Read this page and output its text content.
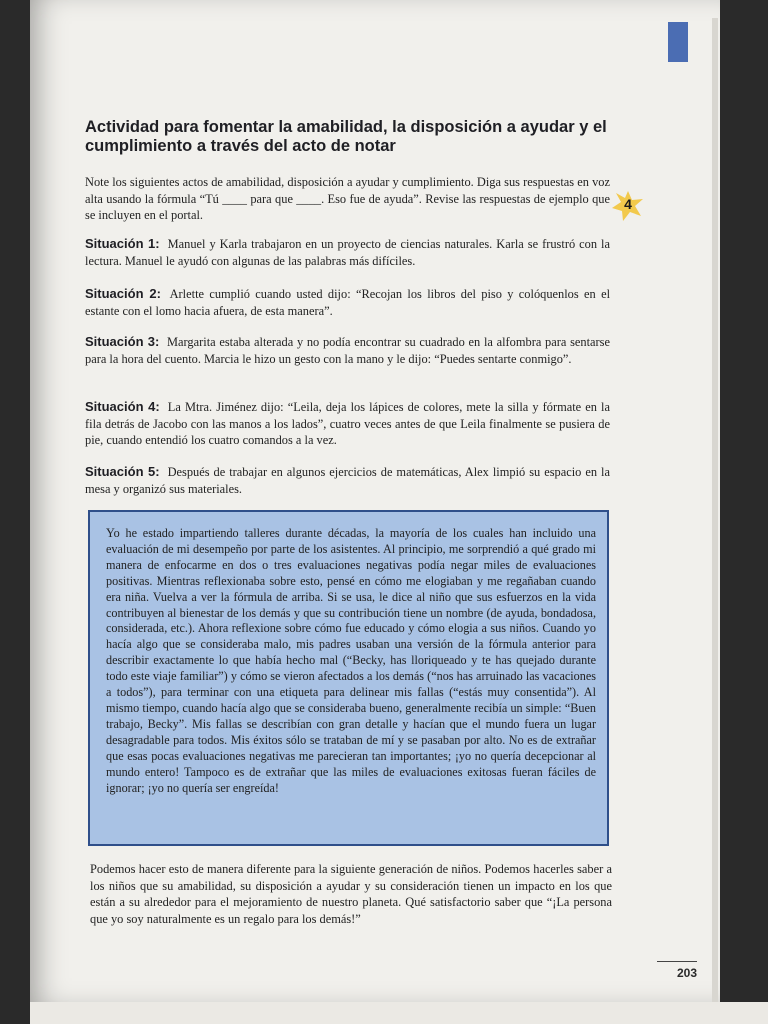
4
Actividad para fomentar la amabilidad, la disposición a ayudar y el cumplimiento a través del acto de notar

Note los siguientes actos de amabilidad, disposición a ayudar y cumplimiento. Diga sus respuestas en voz alta usando la fórmula “Tú ____ para que ____. Eso fue de ayuda”. Revise las respuestas de ejemplo que se incluyen en el portal.

Situación 1: Manuel y Karla trabajaron en un proyecto de ciencias naturales. Karla se frustró con la lectura. Manuel le ayudó con algunas de las palabras más difíciles.

Situación 2: Arlette cumplió cuando usted dijo: “Recojan los libros del piso y colóquenlos en el estante con el lomo hacia afuera, de esta manera”.

Situación 3: Margarita estaba alterada y no podía encontrar su cuadrado en la alfombra para sentarse para la hora del cuento. Marcia le hizo un gesto con la mano y le dijo: “Puedes sentarte conmigo”.

Situación 4: La Mtra. Jiménez dijo: “Leila, deja los lápices de colores, mete la silla y fórmate en la fila detrás de Jacobo con las manos a los lados”, cuatro veces antes de que Leila finalmente se pusiera de pie, cuando entendió los cuatro comandos a la vez.

Situación 5: Después de trabajar en algunos ejercicios de matemáticas, Alex limpió su espacio en la mesa y organizó sus materiales.

Yo he estado impartiendo talleres durante décadas, la mayoría de los cuales han incluido una evaluación de mi desempeño por parte de los asistentes. Al principio, me sorprendió a qué grado mi manera de enfocarme en dos o tres evaluaciones negativas podía negar miles de evaluaciones positivas. Mientras reflexionaba sobre esto, pensé en cómo me elogiaban y me regañaban cuando era niña. Vuelva a ver la fórmula de arriba. Si se usa, le dice al niño que sus esfuerzos en la vida contribuyen al bienestar de los demás y que su contribución tiene un nombre (de ayuda, bondadosa, considerada, etc.). Ahora reflexione sobre cómo fue educado y cómo elogia a sus niños. Cuando yo hacía algo que se consideraba malo, mis padres usaban una versión de la fórmula anterior para describir exactamente lo que había hecho mal (“Becky, has lloriqueado y te has quejado durante todo este viaje familiar”) y cómo se vieron afectados a los demás (“nos has arruinado las vacaciones a todos”), para terminar con una etiqueta para delinear mis fallas (“estás muy consentida”). Al mismo tiempo, cuando hacía algo que se consideraba bueno, generalmente recibía un simple: “Buen trabajo, Becky”. Mis fallas se describían con gran detalle y hacían que el mundo fuera un lugar desagradable para todos. Mis éxitos sólo se trataban de mí y se pasaban por alto. No es de extrañar que esas pocas evaluaciones negativas me parecieran tan importantes; ¡yo no quería decepcionar al mundo entero! Tampoco es de extrañar que las miles de evaluaciones exitosas fueran fáciles de ignorar; ¡yo no quería ser engreída!

Podemos hacer esto de manera diferente para la siguiente generación de niños. Podemos hacerles saber a los niños que su amabilidad, su disposición a ayudar y su consideración tienen un impacto en los que están a su alrededor para el mejoramiento de nuestro planeta. Qué satisfactorio saber que “¡La persona que yo soy naturalmente es un regalo para los demás!”

203
